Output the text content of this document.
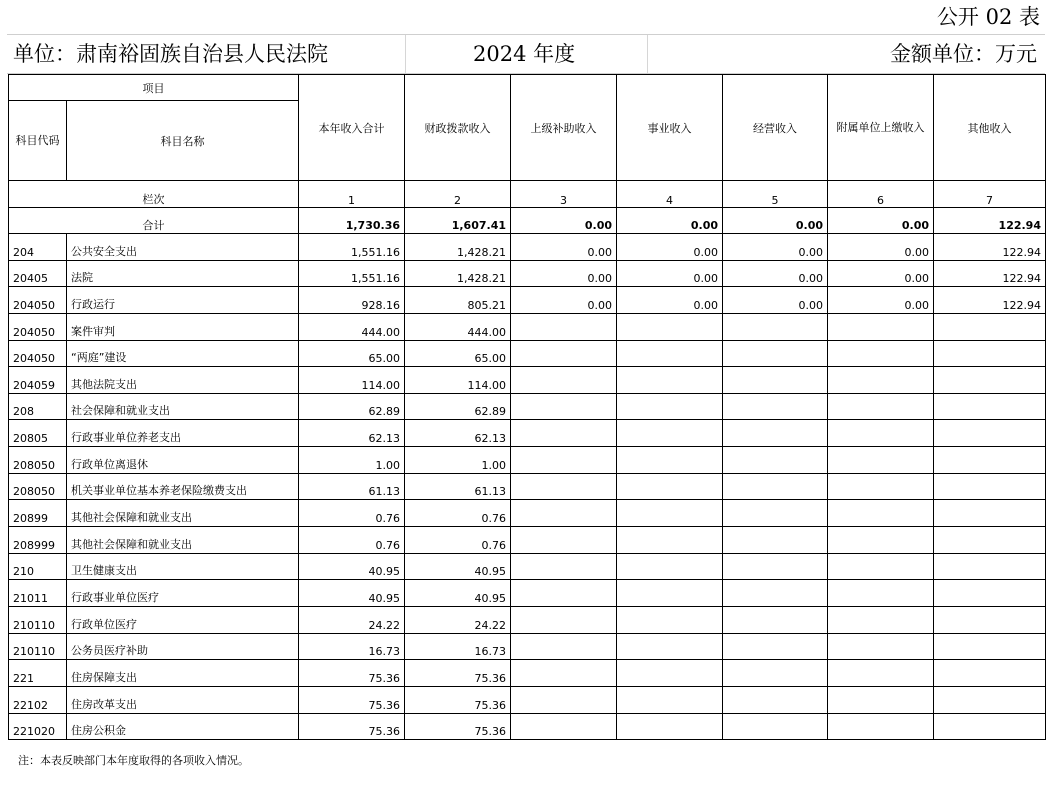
公开 02 表
单位：肃南裕固族自治县人民法院	2024 年度	金额单位：万元
项目		本年收入合计	财政拨款收入	上级补助收入	事业收入	经营收入	附属单位上缴收入	其他收入
科目代码	科目名称							
栏次		1	2	3	4	5	6	7
合计		1,730.36	1,607.41	0.00	0.00	0.00	0.00	122.94
204	公共安全支出	1,551.16	1,428.21	0.00	0.00	0.00	0.00	122.94
20405	法院	1,551.16	1,428.21	0.00	0.00	0.00	0.00	122.94
204050	行政运行	928.16	805.21	0.00	0.00	0.00	0.00	122.94
204050	案件审判	444.00	444.00					
204050	“两庭”建设	65.00	65.00					
204059	其他法院支出	114.00	114.00					
208	社会保障和就业支出	62.89	62.89					
20805	行政事业单位养老支出	62.13	62.13					
208050	行政单位离退休	1.00	1.00					
208050	机关事业单位基本养老保险缴费支出	61.13	61.13					
20899	其他社会保障和就业支出	0.76	0.76					
208999	其他社会保障和就业支出	0.76	0.76					
210	卫生健康支出	40.95	40.95					
21011	行政事业单位医疗	40.95	40.95					
210110	行政单位医疗	24.22	24.22					
210110	公务员医疗补助	16.73	16.73					
221	住房保障支出	75.36	75.36					
22102	住房改革支出	75.36	75.36					
221020	住房公积金	75.36	75.36					
注：本表反映部门本年度取得的各项收入情况。
